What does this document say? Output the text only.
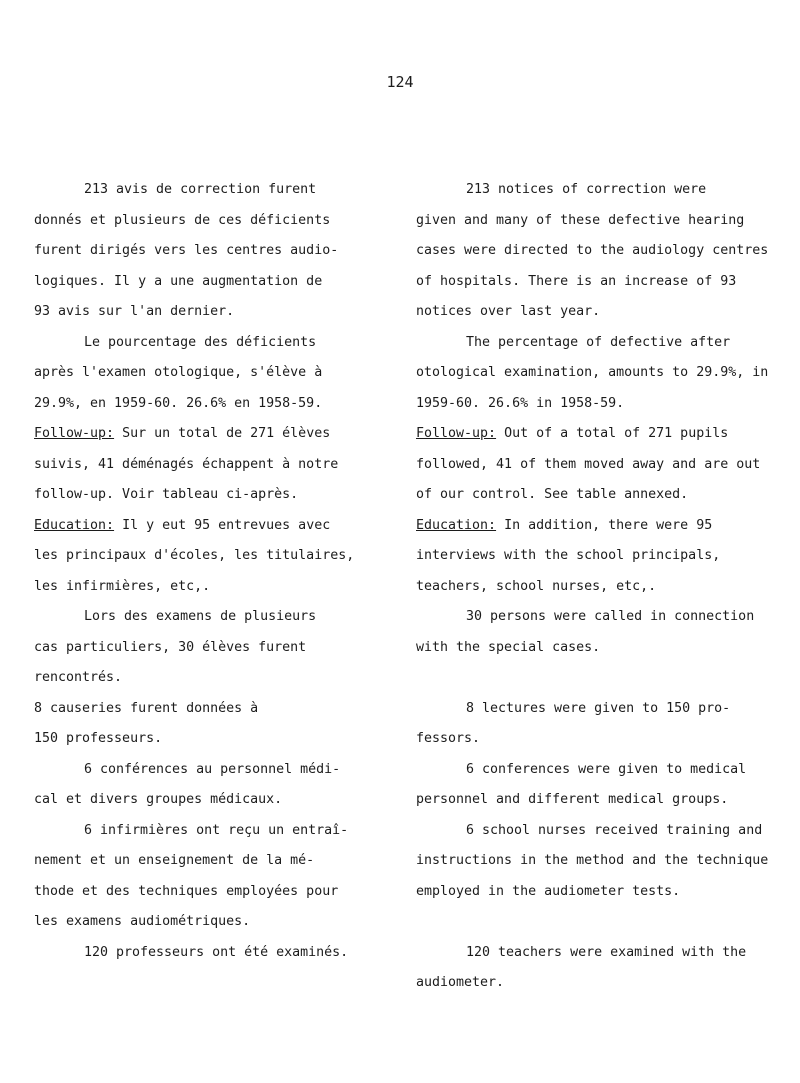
124
213 avis de correction furent
donnés et plusieurs de ces déficients
furent dirigés vers les centres audio-
logiques. Il y a une augmentation de
93 avis sur l'an dernier.
Le pourcentage des déficients
après l'examen otologique, s'élève à
29.9%, en 1959-60. 26.6% en 1958-59.
Follow-up: Sur un total de 271 élèves
suivis, 41 déménagés échappent à notre
follow-up. Voir tableau ci-après.
Education: Il y eut 95 entrevues avec
les principaux d'écoles, les titulaires,
les infirmières, etc,.
Lors des examens de plusieurs
cas particuliers, 30 élèves furent
rencontrés.
8 causeries furent données à
150 professeurs.
6 conférences au personnel médi-
cal et divers groupes médicaux.
6 infirmières ont reçu un entraî-
nement et un enseignement de la mé-
thode et des techniques employées pour
les examens audiométriques.
120 professeurs ont été examinés.
213 notices of correction were
given and many of these defective hearing
cases were directed to the audiology centres
of hospitals. There is an increase of 93
notices over last year.
The percentage of defective after
otological examination, amounts to 29.9%, in
1959-60. 26.6% in 1958-59.
Follow-up: Out of a total of 271 pupils
followed, 41 of them moved away and are out
of our control. See table annexed.
Education: In addition, there were 95
interviews with the school principals,
teachers, school nurses, etc,.
30 persons were called in connection
with the special cases.
8 lectures were given to 150 pro-
fessors.
6 conferences were given to medical
personnel and different medical groups.
6 school nurses received training and
instructions in the method and the technique
employed in the audiometer tests.
120 teachers were examined with the
audiometer.
